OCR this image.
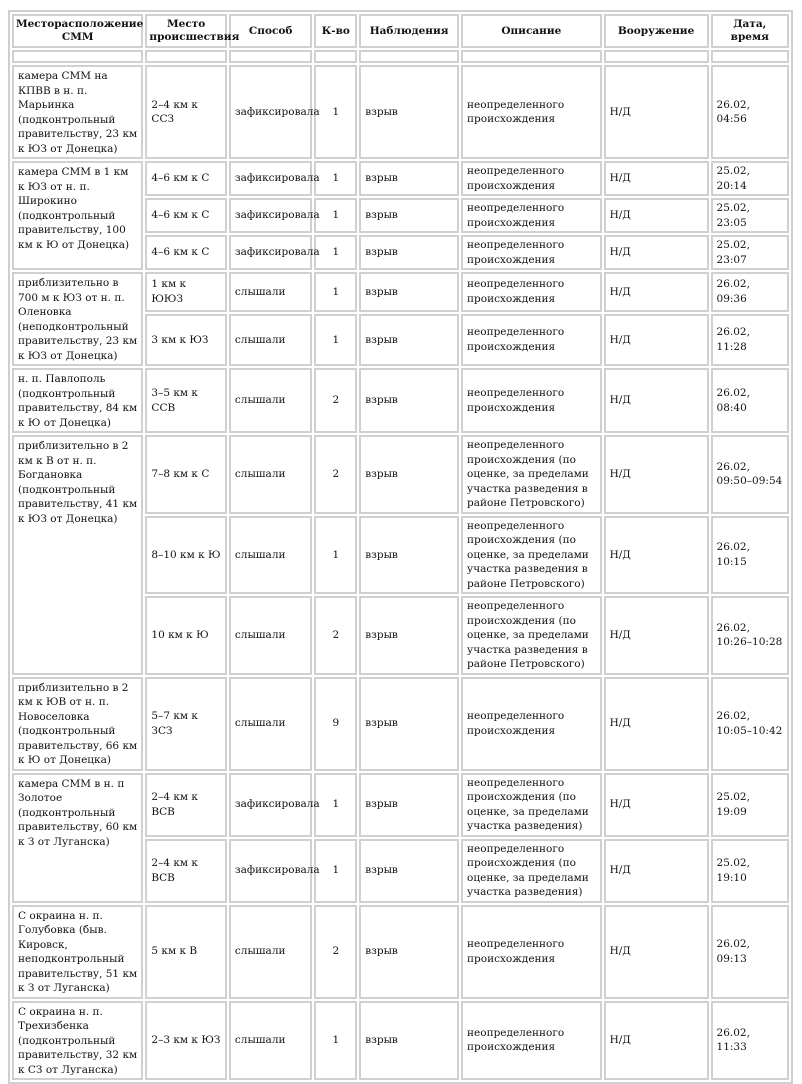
Месторасположение СММ	Место происшествия	Способ	К-во	Наблюдения	Описание	Вооружение	Дата, время

камера СММ на КПВВ в н. п. Марьинка (подконтрольный правительству, 23 км к ЮЗ от Донецка)	2–4 км к ССЗ	зафиксировала	1	взрыв	неопределенного происхождения	Н/Д	26.02, 04:56
камера СММ в 1 км к ЮЗ от н. п. Широкино (подконтрольный правительству, 100 км к Ю от Донецка)	4–6 км к С	зафиксировала	1	взрыв	неопределенного происхождения	Н/Д	25.02, 20:14
	4–6 км к С	зафиксировала	1	взрыв	неопределенного происхождения	Н/Д	25.02, 23:05
	4–6 км к С	зафиксировала	1	взрыв	неопределенного происхождения	Н/Д	25.02, 23:07
приблизительно в 700 м к ЮЗ от н. п. Оленовка (неподконтрольный правительству, 23 км к ЮЗ от Донецка)	1 км к ЮЮЗ	слышали	1	взрыв	неопределенного происхождения	Н/Д	26.02, 09:36
	3 км к ЮЗ	слышали	1	взрыв	неопределенного происхождения	Н/Д	26.02, 11:28
н. п. Павлополь (подконтрольный правительству, 84 км к Ю от Донецка)	3–5 км к ССВ	слышали	2	взрыв	неопределенного происхождения	Н/Д	26.02, 08:40
приблизительно в 2 км к В от н. п. Богдановка (подконтрольный правительству, 41 км к ЮЗ от Донецка)	7–8 км к С	слышали	2	взрыв	неопределенного происхождения (по оценке, за пределами участка разведения в районе Петровского)	Н/Д	26.02, 09:50–09:54
	8–10 км к Ю	слышали	1	взрыв	неопределенного происхождения (по оценке, за пределами участка разведения в районе Петровского)	Н/Д	26.02, 10:15
	10 км к Ю	слышали	2	взрыв	неопределенного происхождения (по оценке, за пределами участка разведения в районе Петровского)	Н/Д	26.02, 10:26–10:28
приблизительно в 2 км к ЮВ от н. п. Новоселовка (подконтрольный правительству, 66 км к Ю от Донецка)	5–7 км к ЗСЗ	слышали	9	взрыв	неопределенного происхождения	Н/Д	26.02, 10:05–10:42
камера СММ в н. п Золотое (подконтрольный правительству, 60 км к З от Луганска)	2–4 км к ВСВ	зафиксировала	1	взрыв	неопределенного происхождения (по оценке, за пределами участка разведения)	Н/Д	25.02, 19:09
	2–4 км к ВСВ	зафиксировала	1	взрыв	неопределенного происхождения (по оценке, за пределами участка разведения)	Н/Д	25.02, 19:10
С окраина н. п. Голубовка (быв. Кировск, неподконтрольный правительству, 51 км к З от Луганска)	5 км к В	слышали	2	взрыв	неопределенного происхождения	Н/Д	26.02, 09:13
С окраина н. п. Трехизбенка (подконтрольный правительству, 32 км к СЗ от Луганска)	2–3 км к ЮЗ	слышали	1	взрыв	неопределенного происхождения	Н/Д	26.02, 11:33
